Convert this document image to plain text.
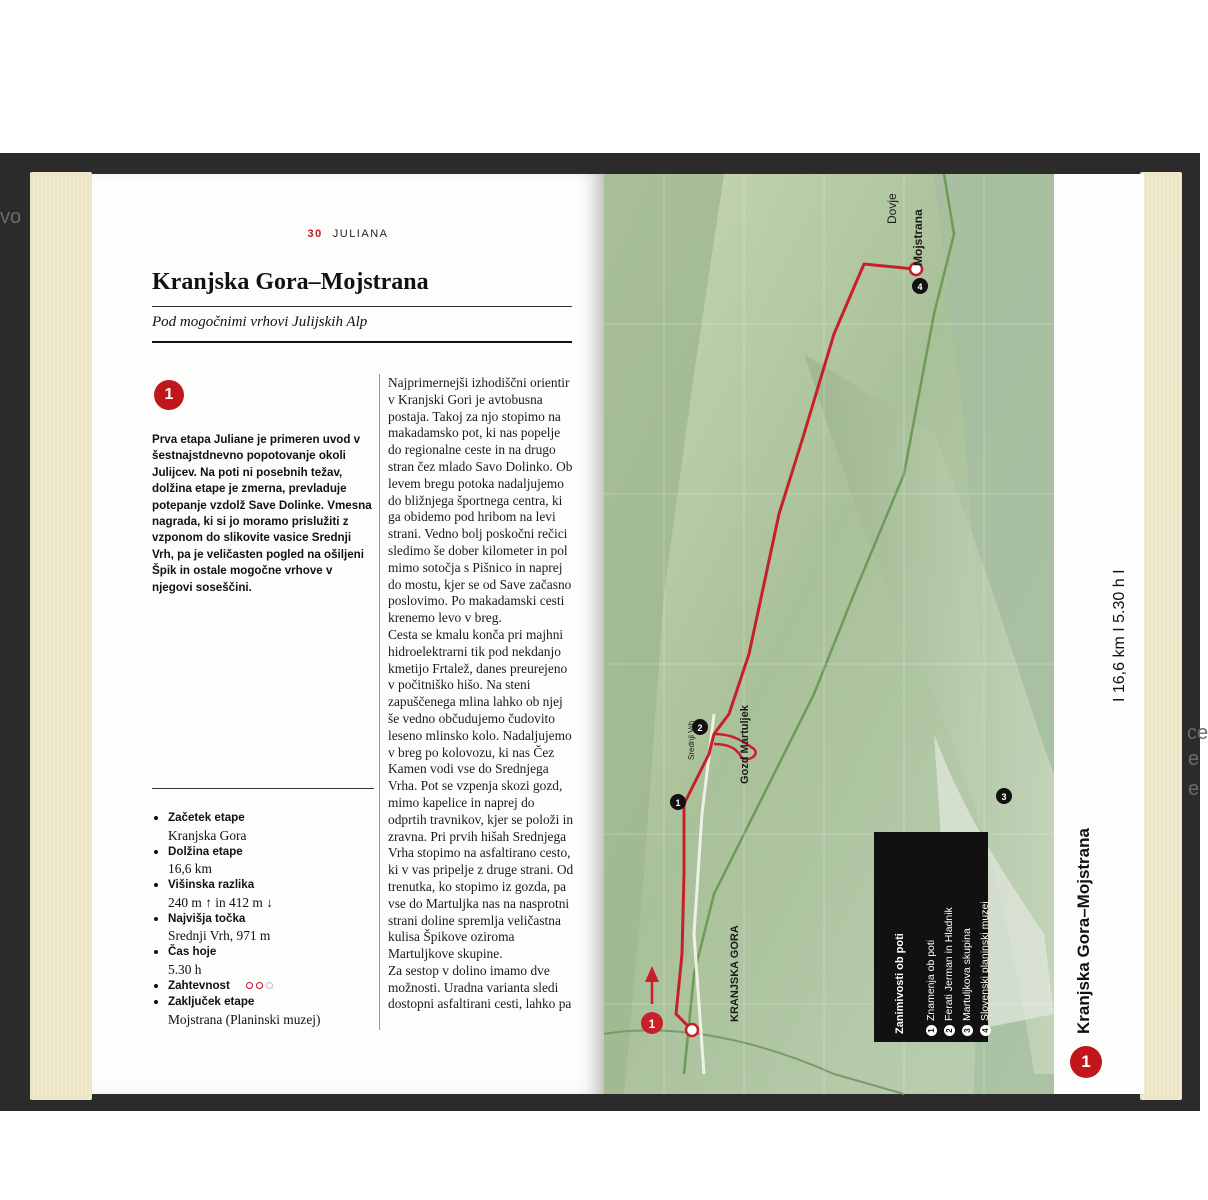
vo
ce
e
e
30 JULIANA
Kranjska Gora–Mojstrana
Pod mogočnimi vrhovi Julijskih Alp
1
Prva etapa Juliane je primeren uvod v šestnajstdnevno popotovanje okoli Julijcev. Na poti ni posebnih težav, dolžina etape je zmerna, prevladuje potepanje vzdolž Save Dolinke. Vmesna nagrada, ki si jo moramo prislužiti z vzponom do slikovite vasice Srednji Vrh, pa je veličasten pogled na ošiljeni Špik in ostale mogočne vrhove v njegovi soseščini.

Najprimernejši izhodiščni orientir v Kranjski Gori je avtobusna postaja. Takoj za njo stopimo na makadamsko pot, ki nas popelje do regionalne ceste in na drugo stran čez mlado Savo Dolinko. Ob levem bregu potoka nadaljujemo do bližnjega športnega centra, ki ga obidemo pod hribom na levi strani. Vedno bolj poskočni rečici sledimo še dober kilometer in pol mimo sotočja s Pišnico in naprej do mostu, kjer se od Save začasno poslovimo. Po makadamski cesti krenemo levo v breg.

Cesta se kmalu konča pri majhni hidroelektrarni tik pod nekdanjo kmetijo Frtalež, danes preurejeno v počitniško hišo. Na steni zapuščenega mlina lahko ob njej še vedno občudujemo čudovito leseno mlinsko kolo. Nadaljujemo v breg po kolovozu, ki nas Čez Kamen vodi vse do Srednjega Vrha. Pot se vzpenja skozi gozd, mimo kapelice in naprej do odprtih travnikov, kjer se položi in zravna. Pri prvih hišah Srednjega Vrha stopimo na asfaltirano cesto, ki v vas pripelje z druge strani. Od trenutka, ko stopimo iz gozda, pa vse do Martuljka nas na nasprotni strani doline spremlja veličastna kulisa Špikove oziroma Martuljkove skupine.

Za sestop v dolino imamo dve možnosti. Uradna varianta sledi dostopni asfaltirani cesti, lahko pa

Začetek etape
Kranjska Gora
Dolžina etape
16,6 km
Višinska razlika
240 m ↑ in 412 m ↓
Najvišja točka
Srednji Vrh, 971 m
Čas hoje
5.30 h
Zahtevnost
Zaključek etape
Mojstrana (Planinski muzej)	1
1
2
3
4
Mojstrana
Dovje
Gozd Martuljek
KRANJSKA GORA
Srednji Vrh
Zanimivosti ob poti	1Znamenja ob poti
2Ferati Jerman in Hladnik
3Martuljkova skupina
4Slovenski planinski muzej	Kranjska Gora–Mojstrana
I 16,6 km I 5.30 h I
1
